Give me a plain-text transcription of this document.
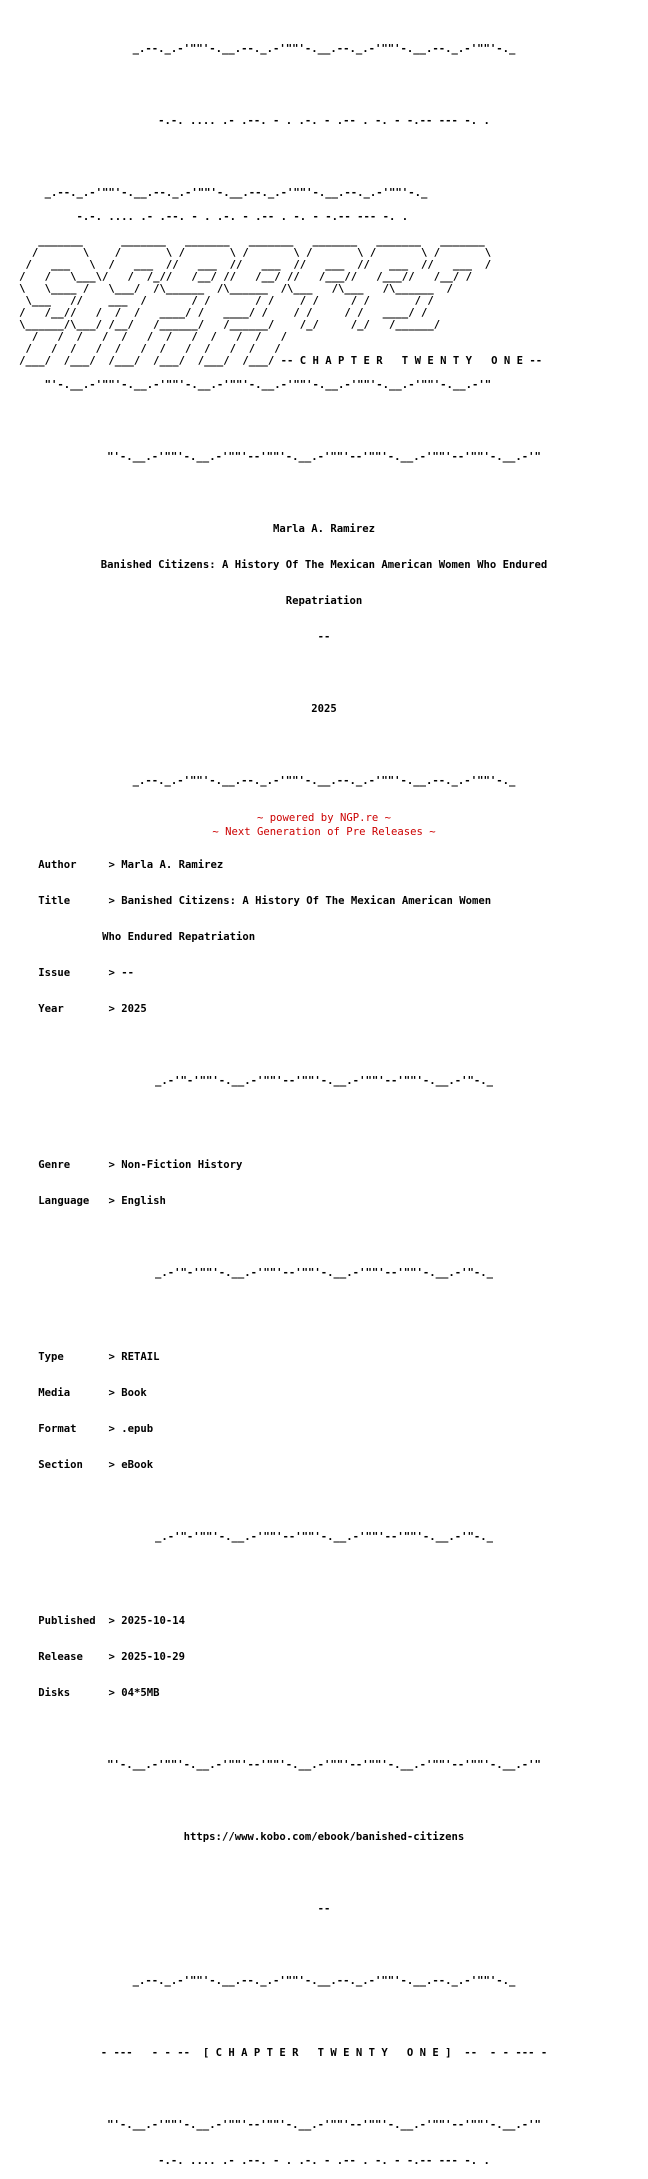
_.--._.-'""'-.__.--._.-'""'-.__.--._.-'""'-.__.--._.-'""'-._

-.-. .... .- .--. - . .-. - .-- . -. - -.-- --- -. .

_.--._.-'""'-.__.--._.-'""'-.__.--._.-'""'-.__.--._.-'""'-._

-.-. .... .- .--. - . .-. - .-- . -. - -.-- --- -. .

_______      _______   _______   _______   _______   _______   _______
/       \    /       \ /       \ /       \ /       \ /       \ /       \
/   ___   \  /   ___  //   ___  //   ___  //   ___  //   ___  //   ___  /
/   /   \___\/   /  /_//   /__/ //   /__/ //   /___//   /___//   /__/ /
\   \____ /   \___/  /\______  /\______  /\___   /\___   /\______  /
\___   //    ___  /       / /       / /    / /     / /       / /
/   /__//   /  /  /   ____/ /   ____/ /    / /     / /   ____/ /
\______/\___/ /__/   /______/   /______/    /_/     /_/   /______/
/   /  /   /  /   /  /   /  /   /  /   /
/   /  /   /  /   /  /   /  /   /  /   /
/___/  /___/  /___/  /___/  /___/  /___/ -- C H A P T E R   T W E N T Y   O N E --

"'-.__.-'""'-.__.-'""'-.__.-'""'-.__.-'""'-.__.-'""'-.__.-'""'-.__.-'"

"'-.__.-'""'-.__.-'""'--'""'-.__.-'""'--'""'-.__.-'""'--'""'-.__.-'"

Marla A. Ramirez

Banished Citizens: A History Of The Mexican American Women Who Endured

Repatriation

--

2025

_.--._.-'""'-.__.--._.-'""'-.__.--._.-'""'-.__.--._.-'""'-._

Author	> Marla A. Ramirez

Title	> Banished Citizens: A History Of The Mexican American Women

Who Endured Repatriation

Issue	> --

Year	> 2025

_.-'"-'""'-.__.-'""'--'""'-.__.-'""'--'""'-.__.-'"-._

Genre	> Non-Fiction History

Language > English

_.-'"-'""'-.__.-'""'--'""'-.__.-'""'--'""'-.__.-'"-._

Type	> RETAIL

Media	> Book

Format	> .epub

Section > eBook

_.-'"-'""'-.__.-'""'--'""'-.__.-'""'--'""'-.__.-'"-._

Published > 2025-10-14

Release > 2025-10-29

Disks	> 04*5MB

"'-.__.-'""'-.__.-'""'--'""'-.__.-'""'--'""'-.__.-'""'--'""'-.__.-'"

https://www.kobo.com/ebook/banished-citizens

--

_.--._.-'""'-.__.--._.-'""'-.__.--._.-'""'-.__.--._.-'""'-._

- ---   - - --  [ C H A P T E R   T W E N T Y   O N E ]  --  - - --- -

"'-.__.-'""'-.__.-'""'--'""'-.__.-'""'--'""'-.__.-'""'--'""'-.__.-'"

-.-. .... .- .--. - . .-. - .-- . -. - -.-- --- -. .

~ powered by NGP.re ~
~ Next Generation of Pre Releases ~
